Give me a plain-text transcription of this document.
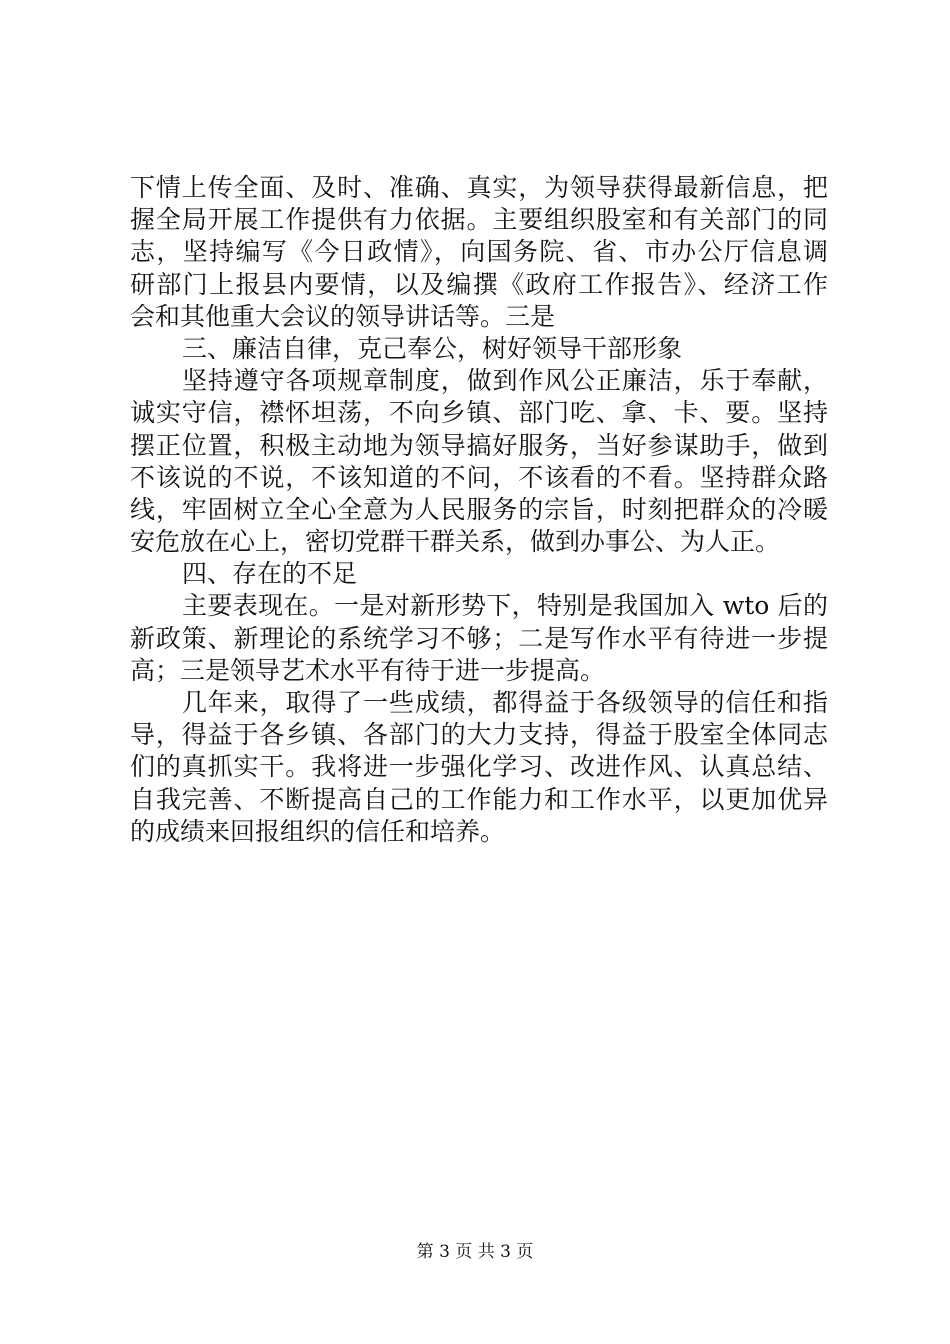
下情上传全面、及时、准确、真实，为领导获得最新信息，把
握全局开展工作提供有力依据。主要组织股室和有关部门的同
志，坚持编写《今日政情》，向国务院、省、市办公厅信息调
研部门上报县内要情，以及编撰《政府工作报告》、经济工作
会和其他重大会议的领导讲话等。三是
三、廉洁自律，克己奉公，树好领导干部形象
坚持遵守各项规章制度，做到作风公正廉洁，乐于奉献，
诚实守信，襟怀坦荡，不向乡镇、部门吃、拿、卡、要。坚持
摆正位置，积极主动地为领导搞好服务，当好参谋助手，做到
不该说的不说，不该知道的不问，不该看的不看。坚持群众路
线，牢固树立全心全意为人民服务的宗旨，时刻把群众的冷暖
安危放在心上，密切党群干群关系，做到办事公、为人正。
四、存在的不足
主要表现在。一是对新形势下，特别是我国加入 wto 后的
新政策、新理论的系统学习不够；二是写作水平有待进一步提
高；三是领导艺术水平有待于进一步提高。
几年来，取得了一些成绩，都得益于各级领导的信任和指
导，得益于各乡镇、各部门的大力支持，得益于股室全体同志
们的真抓实干。我将进一步强化学习、改进作风、认真总结、
自我完善、不断提高自己的工作能力和工作水平，以更加优异
的成绩来回报组织的信任和培养。
第 3 页 共 3 页
